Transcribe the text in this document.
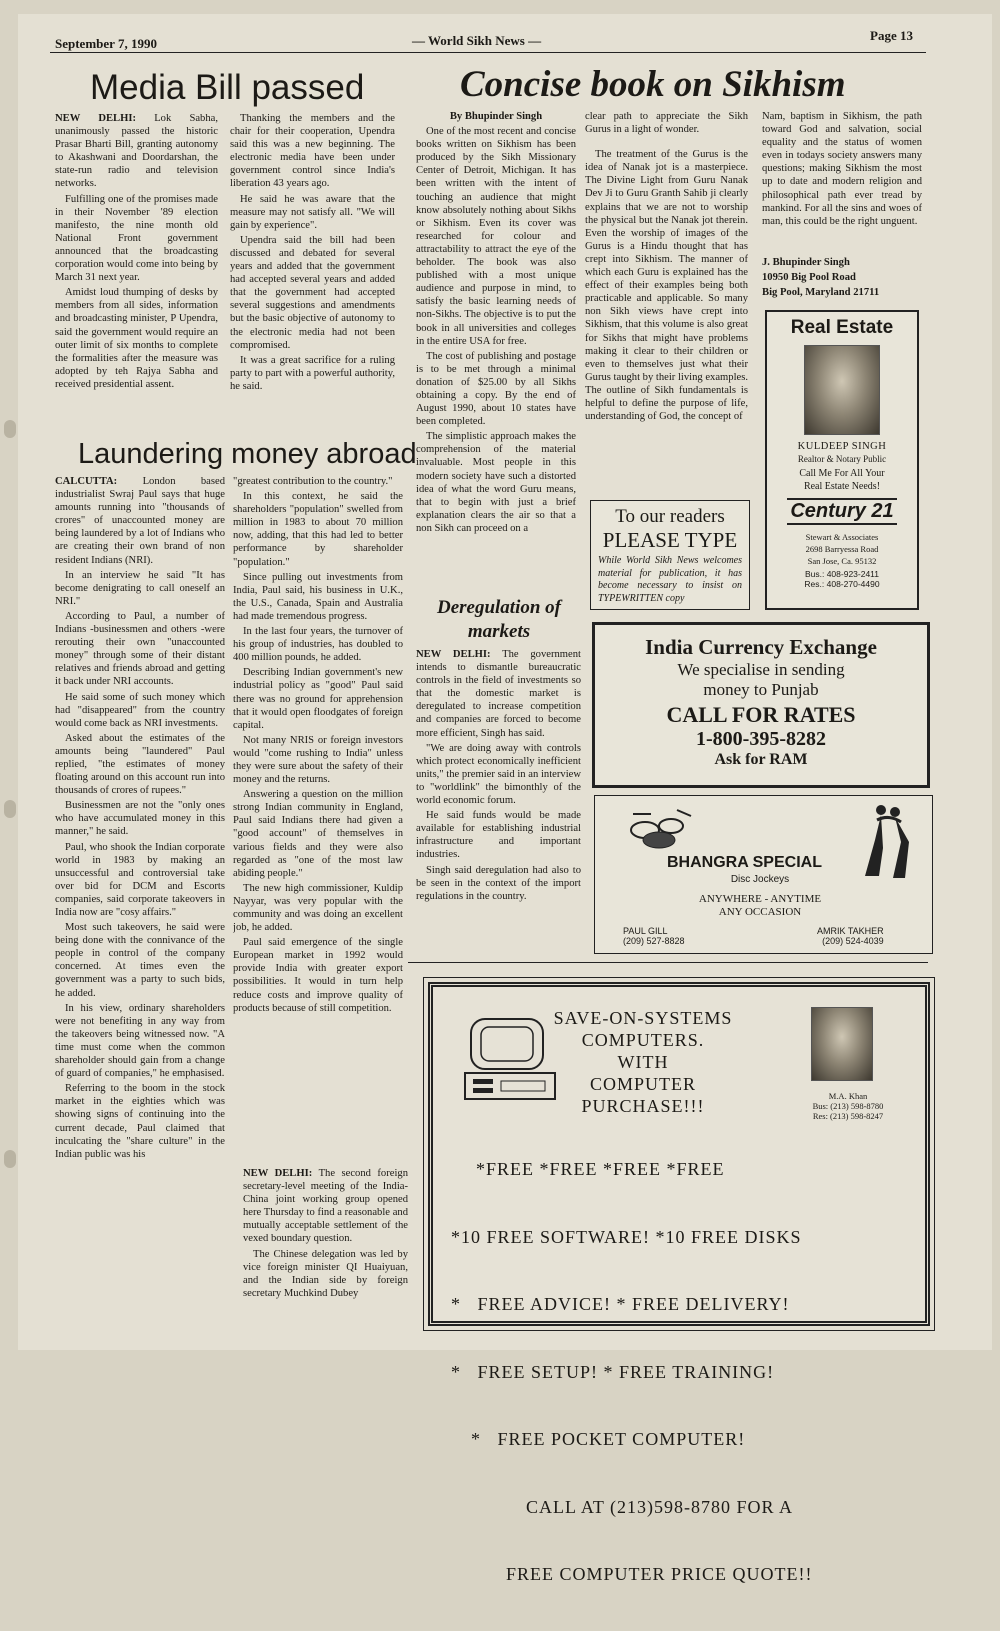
September 7, 1990	— World Sikh News —	Page 13
Media Bill passed

NEW DELHI: Lok Sabha, unanimously passed the historic Prasar Bharti Bill, granting autonomy to Akashwani and Doordarshan, the state-run radio and television networks.

Fulfilling one of the promises made in their November '89 election manifesto, the nine month old National Front government announced that the broadcasting corporation would come into being by March 31 next year.

Amidst loud thumping of desks by members from all sides, information and broadcasting minister, P Upendra, said the government would require an outer limit of six months to complete the formalities after the measure was adopted by teh Rajya Sabha and received presidential assent.

Thanking the members and the chair for their cooperation, Upendra said this was a new beginning. The electronic media have been under government control since India's liberation 43 years ago.

He said he was aware that the measure may not satisfy all. "We will gain by experience".

Upendra said the bill had been discussed and debated for several years and added that the government had accepted several years and added that the government had accepted several suggestions and amendments but the basic objective of autonomy to the electronic media had not been compromised.

It was a great sacrifice for a ruling party to part with a powerful authority, he said.

Laundering money abroad

CALCUTTA: London based industrialist Swraj Paul says that huge amounts running into "thousands of crores" of unaccounted money are being laundered by a lot of Indians who are creating their own brand of non resident Indians (NRI).

In an interview he said "It has become denigrating to call oneself an NRI."

According to Paul, a number of Indians -businessmen and others -were rerouting their own "unaccounted money" through some of their distant relatives and friends abroad and getting it back under NRI accounts.

He said some of such money which had "disappeared" from the country would come back as NRI investments.

Asked about the estimates of the amounts being "laundered" Paul replied, "the estimates of money floating around on this account run into thousands of crores of rupees."

Businessmen are not the "only ones who have accumulated money in this manner," he said.

Paul, who shook the Indian corporate world in 1983 by making an unsuccessful and controversial take over bid for DCM and Escorts companies, said corporate takeovers in India now are "cosy affairs."

Most such takeovers, he said were being done with the connivance of the people in control of the company concerned. At times even the government was a party to such bids, he added.

In his view, ordinary shareholders were not benefiting in any way from the takeovers being witnessed now. "A time must come when the common shareholder should gain from a change of guard of companies," he emphasised.

Referring to the boom in the stock market in the eighties which was showing signs of continuing into the current decade, Paul claimed that inculcating the "share culture" in the Indian public was his

"greatest contribution to the country."

In this context, he said the shareholders "population" swelled from million in 1983 to about 70 million now, adding, that this had led to better performance by shareholder "population."

Since pulling out investments from India, Paul said, his business in U.K., the U.S., Canada, Spain and Australia had made tremendous progress.

In the last four years, the turnover of his group of industries, has doubled to 400 million pounds, he added.

Describing Indian government's new industrial policy as "good" Paul said there was no ground for apprehension that it would open floodgates of foreign capital.

Not many NRIS or foreign investors would "come rushing to India" unless they were sure about the safety of their money and the returns.

Answering a question on the million strong Indian community in England, Paul said Indians there had given a "good account" of themselves in various fields and they were also regarded as "one of the most law abiding people."

The new high commissioner, Kuldip Nayyar, was very popular with the community and was doing an excellent job, he added.

Paul said emergence of the single European market in 1992 would provide India with greater export possibilities. It would in turn help reduce costs and improve quality of products because of still competition.

NEW DELHI: The second foreign secretary-level meeting of the India-China joint working group opened here Thursday to find a reasonable and mutually acceptable settlement of the vexed boundary question.

The Chinese delegation was led by vice foreign minister QI Huaiyuan, and the Indian side by foreign secretary Muchkind Dubey

Concise book on Sikhism

By Bhupinder Singh

One of the most recent and concise books written on Sikhism has been produced by the Sikh Missionary Center of Detroit, Michigan. It has been written with the intent of touching an audience that might know absolutely nothing about Sikhs or Sikhism. Even its cover was researched for colour and attractability to attract the eye of the beholder. The book was also published with a most unique audience and purpose in mind, to satisfy the basic learning needs of non-Sikhs. The objective is to put the book in all universities and colleges in the entire USA for free.

The cost of publishing and postage is to be met through a minimal donation of $25.00 by all Sikhs obtaining a copy. By the end of August 1990, about 10 states have been completed.

The simplistic approach makes the comprehension of the material invaluable. Most people in this modern society have such a distorted idea of what the word Guru means, that to begin with just a brief explanation clears the air so that a non Sikh can proceed on a

clear path to appreciate the Sikh Gurus in a light of wonder.

The treatment of the Gurus is the idea of Nanak jot is a masterpiece. The Divine Light from Guru Nanak Dev Ji to Guru Granth Sahib ji clearly explains that we are not to worship the physical but the Nanak jot therein. Even the worship of images of the Gurus is a Hindu thought that has crept into Sikhism. The manner of which each Guru is explained has the effect of their examples being both practicable and applicable. So many non Sikh views have crept into Sikhism, that this volume is also great for Sikhs that might have problems making it clear to their children or even to themselves just what their Gurus taught by their living examples. The outline of Sikh fundamentals is helpful to define the purpose of life, understanding of God, the concept of

Nam, baptism in Sikhism, the path toward God and salvation, social equality and the status of women even in todays society answers many questions; making Sikhism the most up to date and modern religion and philosophical path ever tread by mankind. For all the sins and woes of man, this could be the right unguent.

J. Bhupinder Singh
10950 Big Pool Road
Big Pool, Maryland 21711
To our readers
PLEASE TYPE
While World Sikh News welcomes material for publication, it has become necessary to insist on TYPEWRITTEN copy
Deregulation of markets

NEW DELHI: The government intends to dismantle bureaucratic controls in the field of investments so that the domestic market is deregulated to increase competition and companies are forced to become more efficient, Singh has said.

"We are doing away with controls which protect economically inefficient units," the premier said in an interview to "worldlink" the bimonthly of the world economic forum.

He said funds would be made available for establishing industrial infrastructure and important industries.

Singh said deregulation had also to be seen in the context of the import regulations in the country.

Real Estate
KULDEEP SINGH
Realtor & Notary Public
Call Me For All Your
Real Estate Needs!
Century 21
Stewart & Associates
2698 Barryessa Road
San Jose, Ca. 95132
Bus.: 408-923-2411
Res.: 408-270-4490
India Currency Exchange
We specialise in sending
money to Punjab
CALL FOR RATES
1-800-395-8282
Ask for RAM
BHANGRA SPECIAL
Disc Jockeys
ANYWHERE - ANYTIME
ANY OCCASION
PAUL GILL
(209) 527-8828
AMRIK TAKHER
(209) 524-4039
SAVE-ON-SYSTEMS
COMPUTERS.
WITH
COMPUTER
PURCHASE!!!	M.A. Khan
Bus: (213) 598-8780
Res: (213) 598-8247

*FREE *FREE *FREE *FREE

*10 FREE SOFTWARE! *10 FREE DISKS

*   FREE ADVICE! * FREE DELIVERY!

*   FREE SETUP! * FREE TRAINING!

*   FREE POCKET COMPUTER!

CALL AT (213)598-8780 FOR A

FREE COMPUTER PRICE QUOTE!!
